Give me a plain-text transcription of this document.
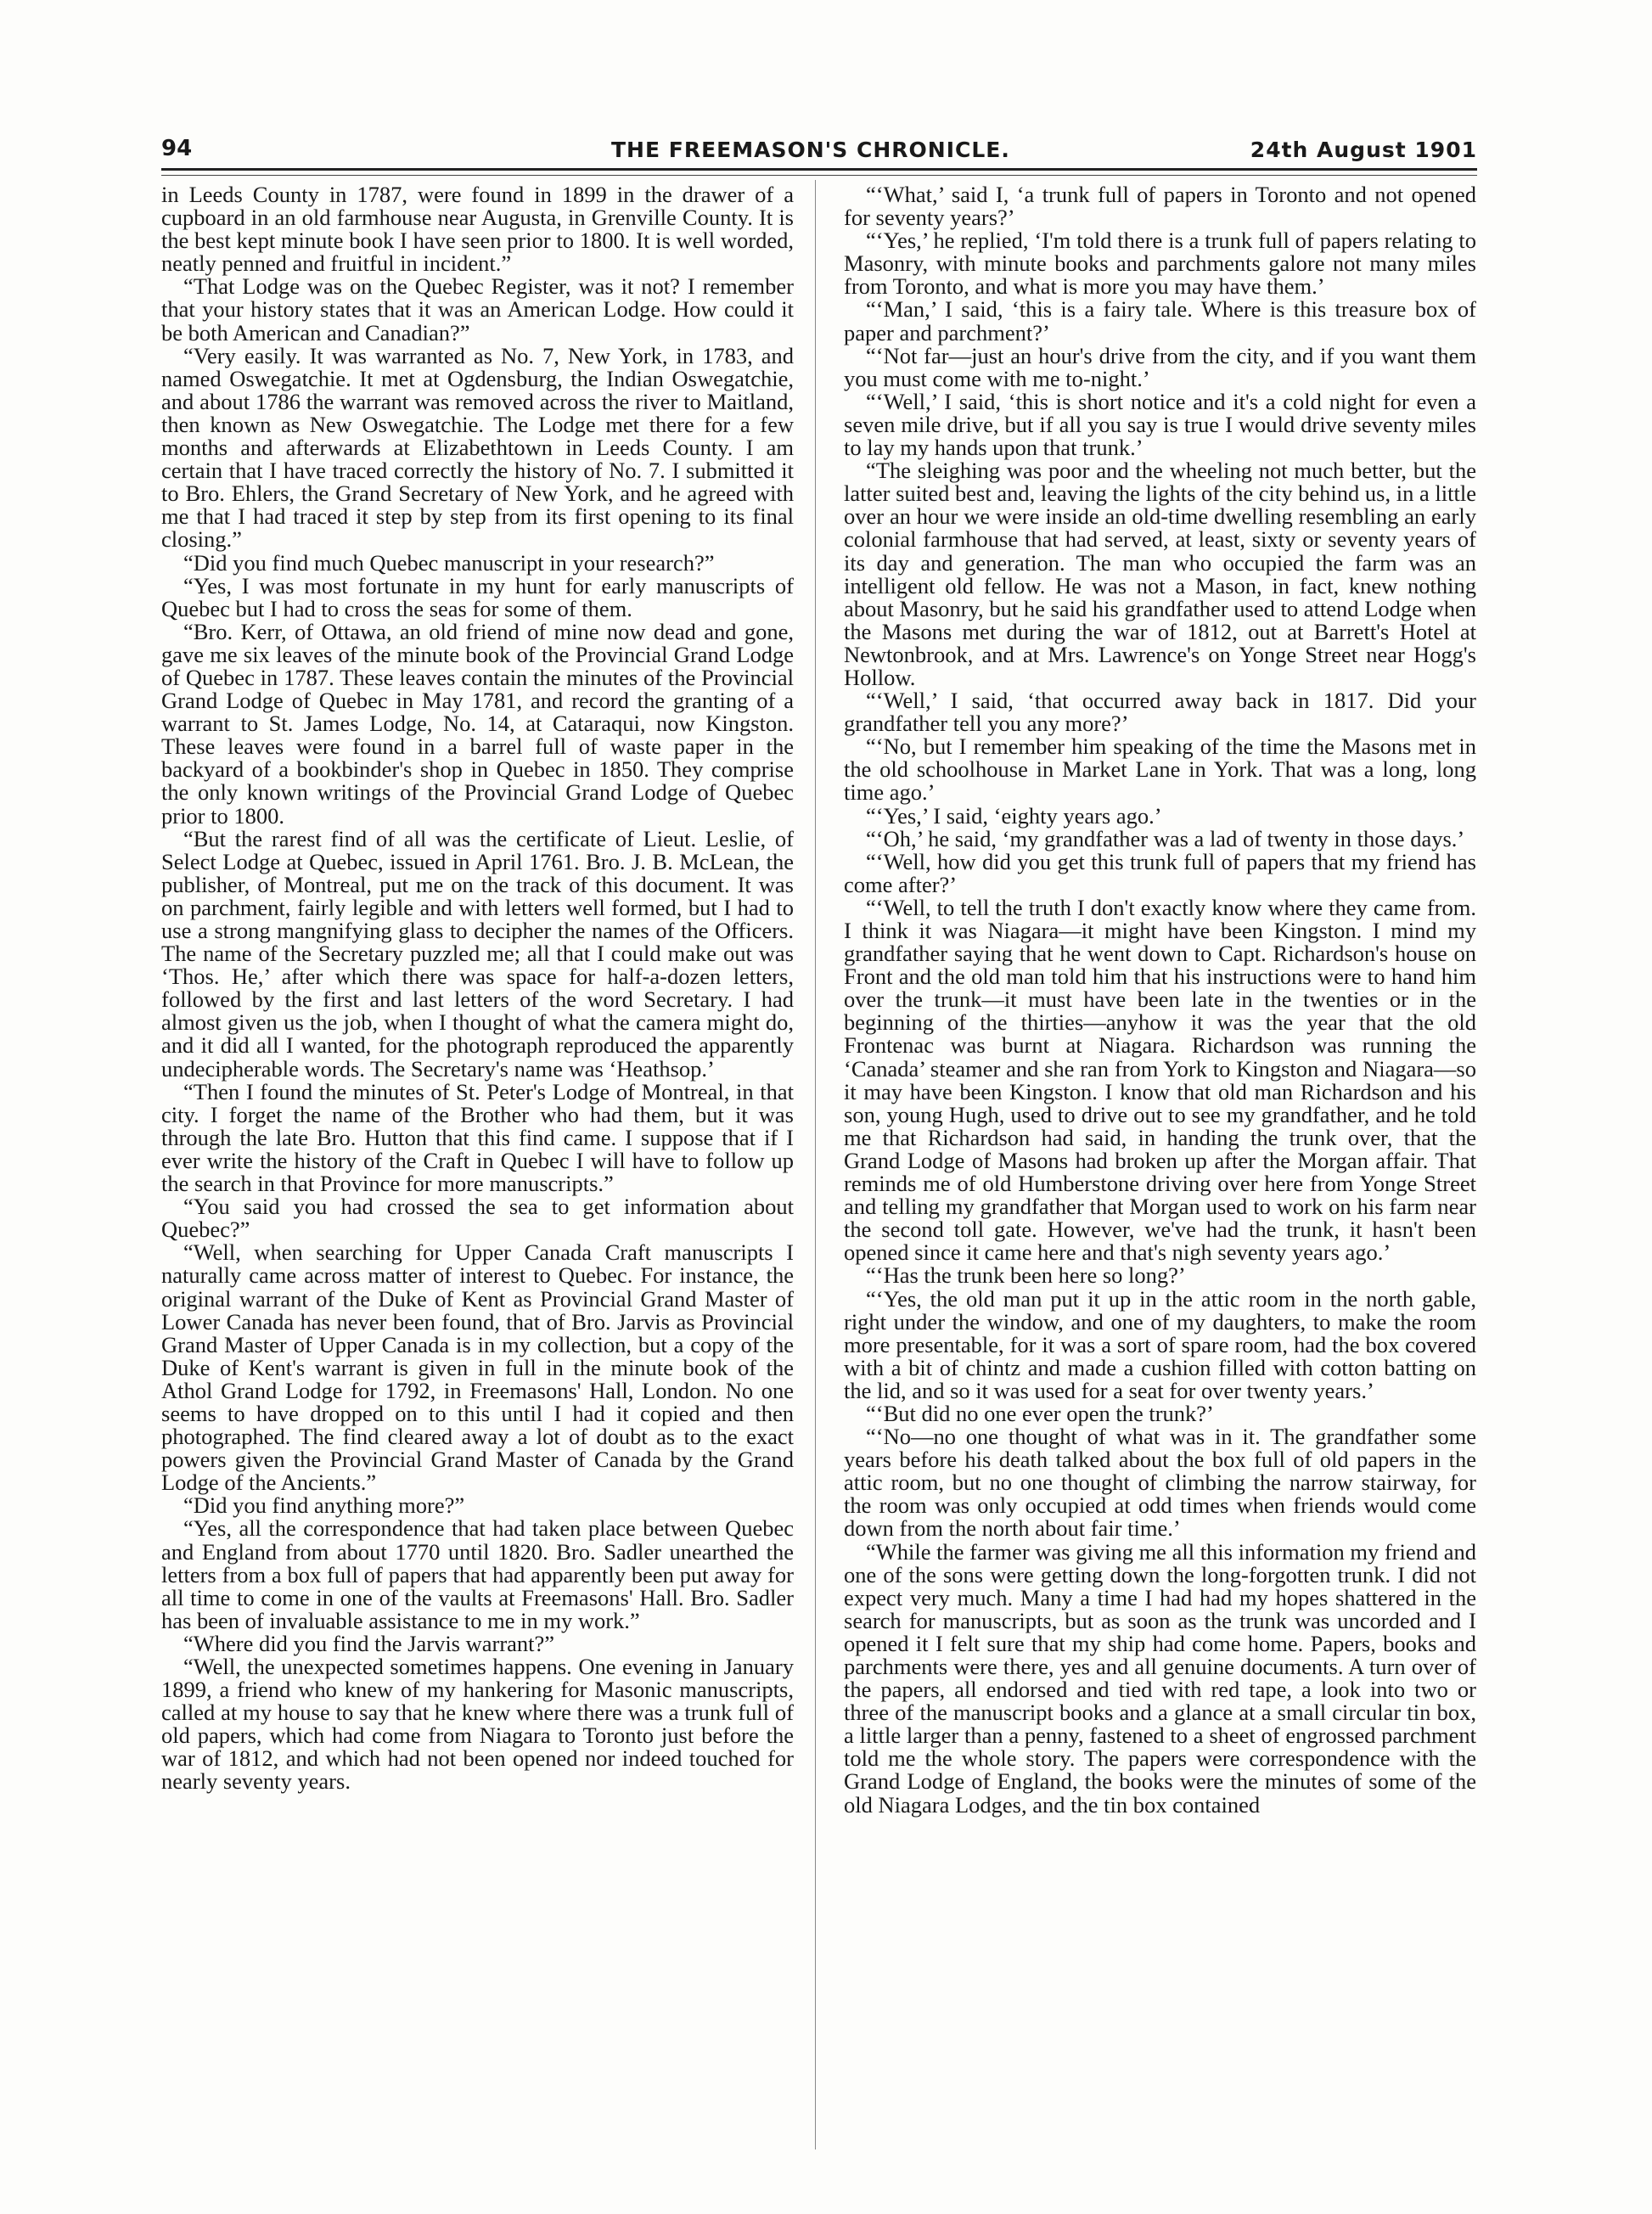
94	THE FREEMASON'S CHRONICLE.	24th August 1901

in Leeds County in 1787, were found in 1899 in the drawer of a cupboard in an old farmhouse near Augusta, in Grenville County. It is the best kept minute book I have seen prior to 1800. It is well worded, neatly penned and fruitful in incident.”

“That Lodge was on the Quebec Register, was it not? I remember that your history states that it was an American Lodge. How could it be both American and Canadian?”

“Very easily. It was warranted as No. 7, New York, in 1783, and named Oswegatchie. It met at Ogdensburg, the Indian Oswegatchie, and about 1786 the warrant was removed across the river to Maitland, then known as New Oswegatchie. The Lodge met there for a few months and afterwards at Elizabethtown in Leeds County. I am certain that I have traced correctly the history of No. 7. I submitted it to Bro. Ehlers, the Grand Secretary of New York, and he agreed with me that I had traced it step by step from its first opening to its final closing.”

“Did you find much Quebec manuscript in your research?”

“Yes, I was most fortunate in my hunt for early manuscripts of Quebec but I had to cross the seas for some of them.

“Bro. Kerr, of Ottawa, an old friend of mine now dead and gone, gave me six leaves of the minute book of the Provincial Grand Lodge of Quebec in 1787. These leaves contain the minutes of the Provincial Grand Lodge of Quebec in May 1781, and record the granting of a warrant to St. James Lodge, No. 14, at Cataraqui, now Kingston. These leaves were found in a barrel full of waste paper in the backyard of a bookbinder's shop in Quebec in 1850. They comprise the only known writings of the Provincial Grand Lodge of Quebec prior to 1800.

“But the rarest find of all was the certificate of Lieut. Leslie, of Select Lodge at Quebec, issued in April 1761. Bro. J. B. McLean, the publisher, of Montreal, put me on the track of this document. It was on parchment, fairly legible and with letters well formed, but I had to use a strong mangnifying glass to decipher the names of the Officers. The name of the Secretary puzzled me; all that I could make out was ‘Thos. He,’ after which there was space for half-a-dozen letters, followed by the first and last letters of the word Secretary. I had almost given us the job, when I thought of what the camera might do, and it did all I wanted, for the photograph reproduced the apparently undecipherable words. The Secretary's name was ‘Heathsop.’

“Then I found the minutes of St. Peter's Lodge of Montreal, in that city. I forget the name of the Brother who had them, but it was through the late Bro. Hutton that this find came. I suppose that if I ever write the history of the Craft in Quebec I will have to follow up the search in that Province for more manuscripts.”

“You said you had crossed the sea to get information about Quebec?”

“Well, when searching for Upper Canada Craft manuscripts I naturally came across matter of interest to Quebec. For instance, the original warrant of the Duke of Kent as Provincial Grand Master of Lower Canada has never been found, that of Bro. Jarvis as Provincial Grand Master of Upper Canada is in my collection, but a copy of the Duke of Kent's warrant is given in full in the minute book of the Athol Grand Lodge for 1792, in Freemasons' Hall, London. No one seems to have dropped on to this until I had it copied and then photographed. The find cleared away a lot of doubt as to the exact powers given the Provincial Grand Master of Canada by the Grand Lodge of the Ancients.”

“Did you find anything more?”

“Yes, all the correspondence that had taken place between Quebec and England from about 1770 until 1820. Bro. Sadler unearthed the letters from a box full of papers that had apparently been put away for all time to come in one of the vaults at Freemasons' Hall. Bro. Sadler has been of invaluable assistance to me in my work.”

“Where did you find the Jarvis warrant?”

“Well, the unexpected sometimes happens. One evening in January 1899, a friend who knew of my hankering for Masonic manuscripts, called at my house to say that he knew where there was a trunk full of old papers, which had come from Niagara to Toronto just before the war of 1812, and which had not been opened nor indeed touched for nearly seventy years.

“‘What,’ said I, ‘a trunk full of papers in Toronto and not opened for seventy years?’

“‘Yes,’ he replied, ‘I'm told there is a trunk full of papers relating to Masonry, with minute books and parchments galore not many miles from Toronto, and what is more you may have them.’

“‘Man,’ I said, ‘this is a fairy tale. Where is this treasure box of paper and parchment?’

“‘Not far—just an hour's drive from the city, and if you want them you must come with me to-night.’

“‘Well,’ I said, ‘this is short notice and it's a cold night for even a seven mile drive, but if all you say is true I would drive seventy miles to lay my hands upon that trunk.’

“The sleighing was poor and the wheeling not much better, but the latter suited best and, leaving the lights of the city behind us, in a little over an hour we were inside an old-time dwelling resembling an early colonial farmhouse that had served, at least, sixty or seventy years of its day and generation. The man who occupied the farm was an intelligent old fellow. He was not a Mason, in fact, knew nothing about Masonry, but he said his grandfather used to attend Lodge when the Masons met during the war of 1812, out at Barrett's Hotel at Newtonbrook, and at Mrs. Lawrence's on Yonge Street near Hogg's Hollow.

“‘Well,’ I said, ‘that occurred away back in 1817. Did your grandfather tell you any more?’

“‘No, but I remember him speaking of the time the Masons met in the old schoolhouse in Market Lane in York. That was a long, long time ago.’

“‘Yes,’ I said, ‘eighty years ago.’

“‘Oh,’ he said, ‘my grandfather was a lad of twenty in those days.’

“‘Well, how did you get this trunk full of papers that my friend has come after?’

“‘Well, to tell the truth I don't exactly know where they came from. I think it was Niagara—it might have been Kingston. I mind my grandfather saying that he went down to Capt. Richardson's house on Front and the old man told him that his instructions were to hand him over the trunk—it must have been late in the twenties or in the beginning of the thirties—anyhow it was the year that the old Frontenac was burnt at Niagara. Richardson was running the ‘Canada’ steamer and she ran from York to Kingston and Niagara—so it may have been Kingston. I know that old man Richardson and his son, young Hugh, used to drive out to see my grandfather, and he told me that Richardson had said, in handing the trunk over, that the Grand Lodge of Masons had broken up after the Morgan affair. That reminds me of old Humberstone driving over here from Yonge Street and telling my grandfather that Morgan used to work on his farm near the second toll gate. However, we've had the trunk, it hasn't been opened since it came here and that's nigh seventy years ago.’

“‘Has the trunk been here so long?’

“‘Yes, the old man put it up in the attic room in the north gable, right under the window, and one of my daughters, to make the room more presentable, for it was a sort of spare room, had the box covered with a bit of chintz and made a cushion filled with cotton batting on the lid, and so it was used for a seat for over twenty years.’

“‘But did no one ever open the trunk?’

“‘No—no one thought of what was in it. The grandfather some years before his death talked about the box full of old papers in the attic room, but no one thought of climbing the narrow stairway, for the room was only occupied at odd times when friends would come down from the north about fair time.’

“While the farmer was giving me all this information my friend and one of the sons were getting down the long-forgotten trunk. I did not expect very much. Many a time I had had my hopes shattered in the search for manuscripts, but as soon as the trunk was uncorded and I opened it I felt sure that my ship had come home. Papers, books and parchments were there, yes and all genuine documents. A turn over of the papers, all endorsed and tied with red tape, a look into two or three of the manuscript books and a glance at a small circular tin box, a little larger than a penny, fastened to a sheet of engrossed parchment told me the whole story. The papers were correspondence with the Grand Lodge of England, the books were the minutes of some of the old Niagara Lodges, and the tin box contained
